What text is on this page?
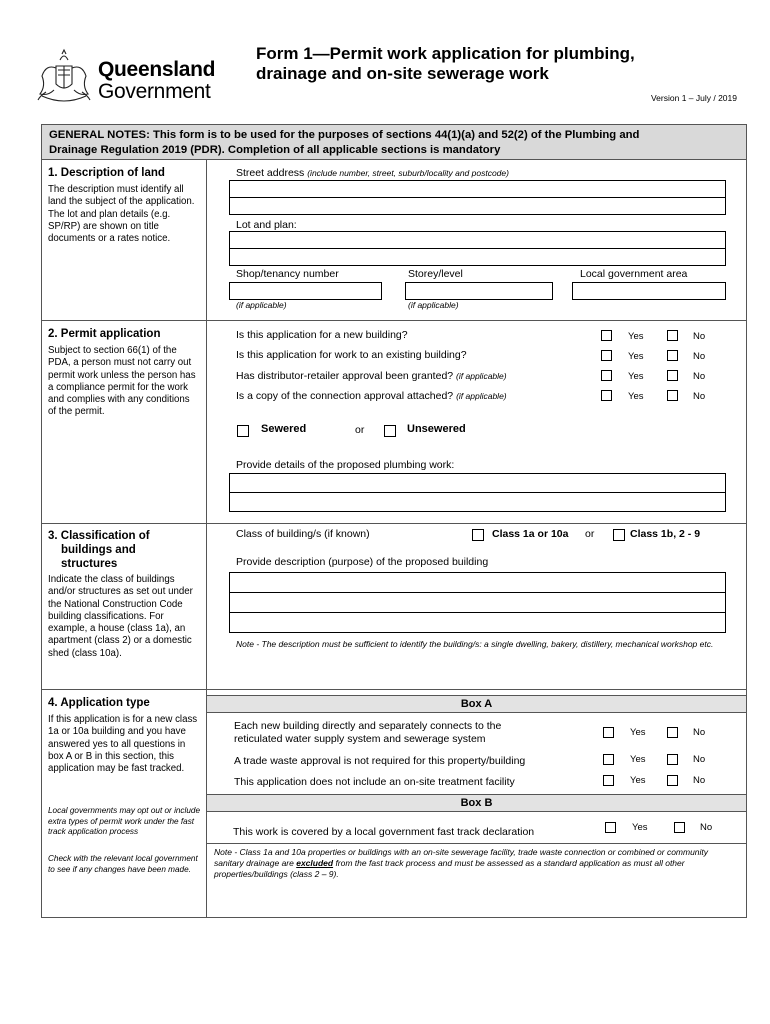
Queensland
Government
Form 1—Permit work application for plumbing,
drainage and on-site sewerage work
Version 1 – July / 2019
GENERAL NOTES: This form is to be used for the purposes of sections 44(1)(a) and 52(2) of the Plumbing and
Drainage Regulation 2019 (PDR). Completion of all applicable sections is mandatory
1. Description of land
The description must identify all land the subject of the application. The lot and plan details (e.g. SP/RP) are shown on title documents or a rates notice.
Street address (include number, street, suburb/locality and postcode)
Lot and plan:
Shop/tenancy number	Storey/level	Local government area
(if applicable)	(if applicable)
2. Permit application
Subject to section 66(1) of the PDA, a person must not carry out permit work unless the person has a compliance permit for the work and complies with any conditions of the permit.
Is this application for a new building?	Yes	No
Is this application for work to an existing building?	Yes	No
Has distributor-retailer approval been granted? (if applicable)	Yes	No
Is a copy of the connection approval attached? (if applicable)	Yes	No
Sewered	or	Unsewered
Provide details of the proposed plumbing work:
3. Classification of
buildings and
structures
Indicate the class of buildings and/or structures as set out under the National Construction Code building classifications. For example, a house (class 1a), an apartment (class 2) or a domestic shed (class 10a).
Class of building/s (if known)	Class 1a or 10a or	Class 1b, 2 - 9
Provide description (purpose) of the proposed building
Note - The description must be sufficient to identify the building/s: a single dwelling, bakery, distillery, mechanical workshop etc.
4. Application type
If this application is for a new class 1a or 10a building and you have answered yes to all questions in box A or B in this section, this application may be fast tracked.
Local governments may opt out or include extra types of permit work under the fast track application process
Check with the relevant local government to see if any changes have been made.
Box A
Each new building directly and separately connects to the
reticulated water supply system and sewerage system
Yes	No
A trade waste approval is not required for this property/building	Yes	No
This application does not include an on-site treatment facility	Yes	No
Box B
This work is covered by a local government fast track declaration	Yes	No
Note - Class 1a and 10a properties or buildings with an on-site sewerage facility, trade waste connection or combined or community sanitary drainage are excluded from the fast track process and must be assessed as a standard application as must all other properties/buildings (class 2 – 9).
